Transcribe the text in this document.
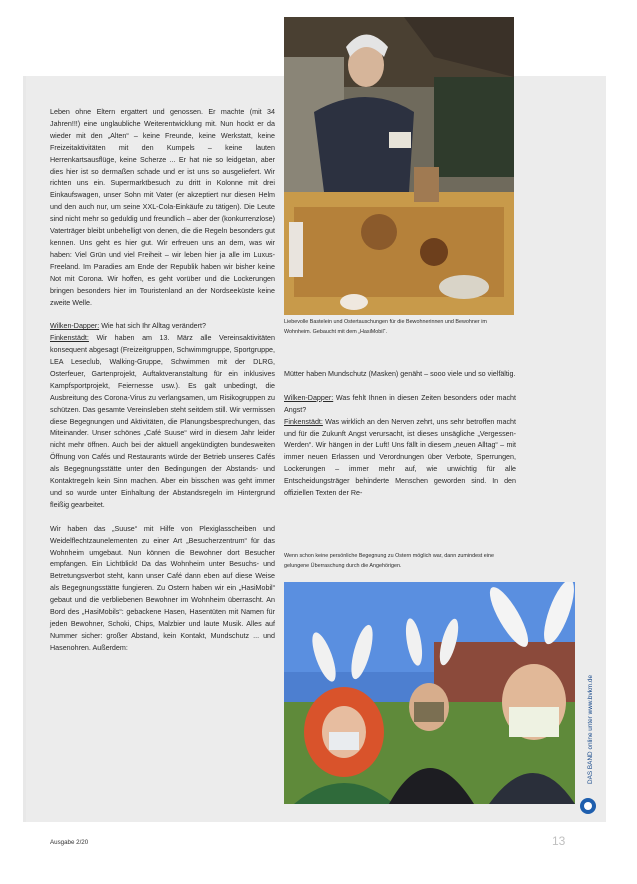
Leben ohne Eltern ergattert und genossen. Er machte (mit 34 Jahren!!!) eine unglaubliche Weiterentwicklung mit. Nun hockt er da wieder mit den „Alten“ – keine Freunde, keine Werkstatt, keine Freizeitaktivitäten mit den Kumpels – keine lauten Herrenkartsausflüge, keine Scherze ... Er hat nie so leidgetan, aber dies hier ist so dermaßen schade und er ist uns so ausgeliefert. Wir richten uns ein. Supermarktbesuch zu dritt in Kolonne mit drei Einkaufswagen, unser Sohn mit Vater (er akzeptiert nur diesen Helm und den auch nur, um seine XXL-Cola-Einkäufe zu tätigen). Die Leute sind nicht mehr so geduldig und freundlich – aber der (konkurrenzlose) Vaterträger bleibt unbehelligt von denen, die die Regeln besonders gut kennen. Uns geht es hier gut. Wir erfreuen uns an dem, was wir haben: Viel Grün und viel Freiheit – wir leben hier ja alle im Luxus-Freeland. Im Paradies am Ende der Republik haben wir bisher keine Not mit Corona. Wir hoffen, es geht vorüber und die Lockerungen bringen besonders hier im Touristenland an der Nordseeküste keine zweite Welle.

Wilken-Dapper: Wie hat sich Ihr Alltag verändert?
Finkenstädt: Wir haben am 13. März alle Vereinsaktivitäten konsequent abgesagt (Freizeitgruppen, Schwimmgruppe, Sportgruppe, LEA Leseclub, Walking-Gruppe, Schwimmen mit der DLRG, Osterfeuer, Gartenprojekt, Auftaktveranstaltung für ein inklusives Kampfsportprojekt, Feiernesse usw.). Es galt unbedingt, die Ausbreitung des Corona-Virus zu verlangsamen, um Risikogruppen zu schützen. Das gesamte Vereinsleben steht seitdem still. Wir vermissen diese Begegnungen und Aktivitäten, die Planungsbesprechungen, das Miteinander. Unser schönes „Café Suuse“ wird in diesem Jahr leider nicht mehr öffnen. Auch bei der aktuell angekündigten bundesweiten Öffnung von Cafés und Restaurants würde der Betrieb unseres Cafés als Begegnungsstätte unter den Bedingungen der Abstands- und Kontaktregeln kein Sinn machen. Aber ein bisschen was geht immer und so wurde unter Einhaltung der Abstandsregeln im Hintergrund fleißig gearbeitet.

Wir haben das „Suuse“ mit Hilfe von Plexiglasscheiben und Weidelflechtzaunelementen zu einer Art „Besucherzentrum“ für das Wohnheim umgebaut. Nun können die Bewohner dort Besucher empfangen. Ein Lichtblick! Da das Wohnheim unter Besuchs- und Betretungsverbot steht, kann unser Café dann eben auf diese Weise als Begegnungsstätte fungieren. Zu Ostern haben wir ein „HasiMobil“ gebaut und die verbliebenen Bewohner im Wohnheim überrascht. An Bord des „HasiMobils“: gebackene Hasen, Hasentüten mit Namen für jeden Bewohner, Schoki, Chips, Malzbier und laute Musik. Alles auf Nummer sicher: großer Abstand, kein Kontakt, Mundschutz ... und Hasenohren. Außerdem:

Liebevolle Bastelein und Ostertauschungen für die Bewohnerinnen und Bewohner im Wohnheim. Gebaucht mit dem „HasiMobil“.

Mütter haben Mundschutz (Masken) genäht – sooo viele und so vielfältig.

Wilken-Dapper: Was fehlt Ihnen in diesen Zeiten besonders oder macht Angst?
Finkenstädt: Was wirklich an den Nerven zehrt, uns sehr betroffen macht und für die Zukunft Angst verursacht, ist dieses unsägliche „Vergessen-Werden“. Wir hängen in der Luft! Uns fällt in diesem „neuen Alltag“ – mit immer neuen Erlassen und Verordnungen über Verbote, Sperrungen, Lockerungen – immer mehr auf, wie unwichtig für alle Entscheidungsträger behinderte Menschen geworden sind. In den offiziellen Texten der Re-

Wenn schon keine persönliche Begegnung zu Ostern möglich war, dann zumindest eine gelungene Überraschung durch die Angehörigen.
DAS BAND online unter www.bvkm.de
Ausgabe 2/20	13
